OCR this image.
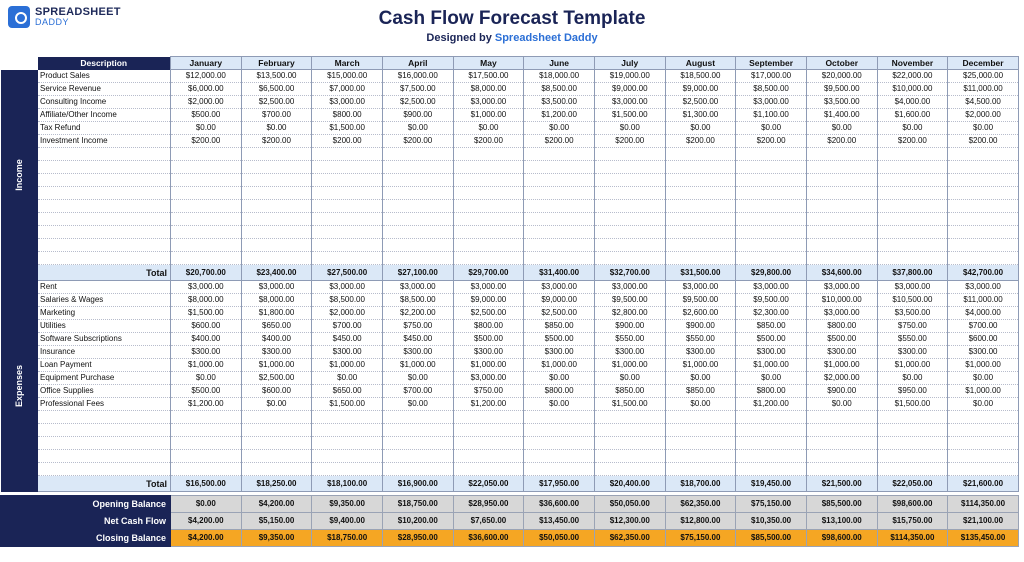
SPREADSHEET
DADDY	Cash Flow Forecast Template
Designed by Spreadsheet Daddy
	Description	January	February	March	April	May	June	July	August	September	October	November	December

Income	Product Sales	$12,000.00	$13,500.00	$15,000.00	$16,000.00	$17,500.00	$18,000.00	$19,000.00	$18,500.00	$17,000.00	$20,000.00	$22,000.00	$25,000.00
	Service Revenue	$6,000.00	$6,500.00	$7,000.00	$7,500.00	$8,000.00	$8,500.00	$9,000.00	$9,000.00	$8,500.00	$9,500.00	$10,000.00	$11,000.00
	Consulting Income	$2,000.00	$2,500.00	$3,000.00	$2,500.00	$3,000.00	$3,500.00	$3,000.00	$2,500.00	$3,000.00	$3,500.00	$4,000.00	$4,500.00
	Affiliate/Other Income	$500.00	$700.00	$800.00	$900.00	$1,000.00	$1,200.00	$1,500.00	$1,300.00	$1,100.00	$1,400.00	$1,600.00	$2,000.00
	Tax Refund	$0.00	$0.00	$1,500.00	$0.00	$0.00	$0.00	$0.00	$0.00	$0.00	$0.00	$0.00	$0.00
	Investment Income	$200.00	$200.00	$200.00	$200.00	$200.00	$200.00	$200.00	$200.00	$200.00	$200.00	$200.00	$200.00

	Total	$20,700.00	$23,400.00	$27,500.00	$27,100.00	$29,700.00	$31,400.00	$32,700.00	$31,500.00	$29,800.00	$34,600.00	$37,800.00	$42,700.00

Expenses	Rent	$3,000.00	$3,000.00	$3,000.00	$3,000.00	$3,000.00	$3,000.00	$3,000.00	$3,000.00	$3,000.00	$3,000.00	$3,000.00	$3,000.00
	Salaries & Wages	$8,000.00	$8,000.00	$8,500.00	$8,500.00	$9,000.00	$9,000.00	$9,500.00	$9,500.00	$9,500.00	$10,000.00	$10,500.00	$11,000.00
	Marketing	$1,500.00	$1,800.00	$2,000.00	$2,200.00	$2,500.00	$2,500.00	$2,800.00	$2,600.00	$2,300.00	$3,000.00	$3,500.00	$4,000.00
	Utilities	$600.00	$650.00	$700.00	$750.00	$800.00	$850.00	$900.00	$900.00	$850.00	$800.00	$750.00	$700.00
	Software Subscriptions	$400.00	$400.00	$450.00	$450.00	$500.00	$500.00	$550.00	$550.00	$500.00	$500.00	$550.00	$600.00
	Insurance	$300.00	$300.00	$300.00	$300.00	$300.00	$300.00	$300.00	$300.00	$300.00	$300.00	$300.00	$300.00
	Loan Payment	$1,000.00	$1,000.00	$1,000.00	$1,000.00	$1,000.00	$1,000.00	$1,000.00	$1,000.00	$1,000.00	$1,000.00	$1,000.00	$1,000.00
	Equipment Purchase	$0.00	$2,500.00	$0.00	$0.00	$3,000.00	$0.00	$0.00	$0.00	$0.00	$2,000.00	$0.00	$0.00
	Office Supplies	$500.00	$600.00	$650.00	$700.00	$750.00	$800.00	$850.00	$850.00	$800.00	$900.00	$950.00	$1,000.00
	Professional Fees	$1,200.00	$0.00	$1,500.00	$0.00	$1,200.00	$0.00	$1,500.00	$0.00	$1,200.00	$0.00	$1,500.00	$0.00

	Total	$16,500.00	$18,250.00	$18,100.00	$16,900.00	$22,050.00	$17,950.00	$20,400.00	$18,700.00	$19,450.00	$21,500.00	$22,050.00	$21,600.00

Opening Balance		$0.00	$4,200.00	$9,350.00	$18,750.00	$28,950.00	$36,600.00	$50,050.00	$62,350.00	$75,150.00	$85,500.00	$98,600.00	$114,350.00
Net Cash Flow		$4,200.00	$5,150.00	$9,400.00	$10,200.00	$7,650.00	$13,450.00	$12,300.00	$12,800.00	$10,350.00	$13,100.00	$15,750.00	$21,100.00
Closing Balance		$4,200.00	$9,350.00	$18,750.00	$28,950.00	$36,600.00	$50,050.00	$62,350.00	$75,150.00	$85,500.00	$98,600.00	$114,350.00	$135,450.00
